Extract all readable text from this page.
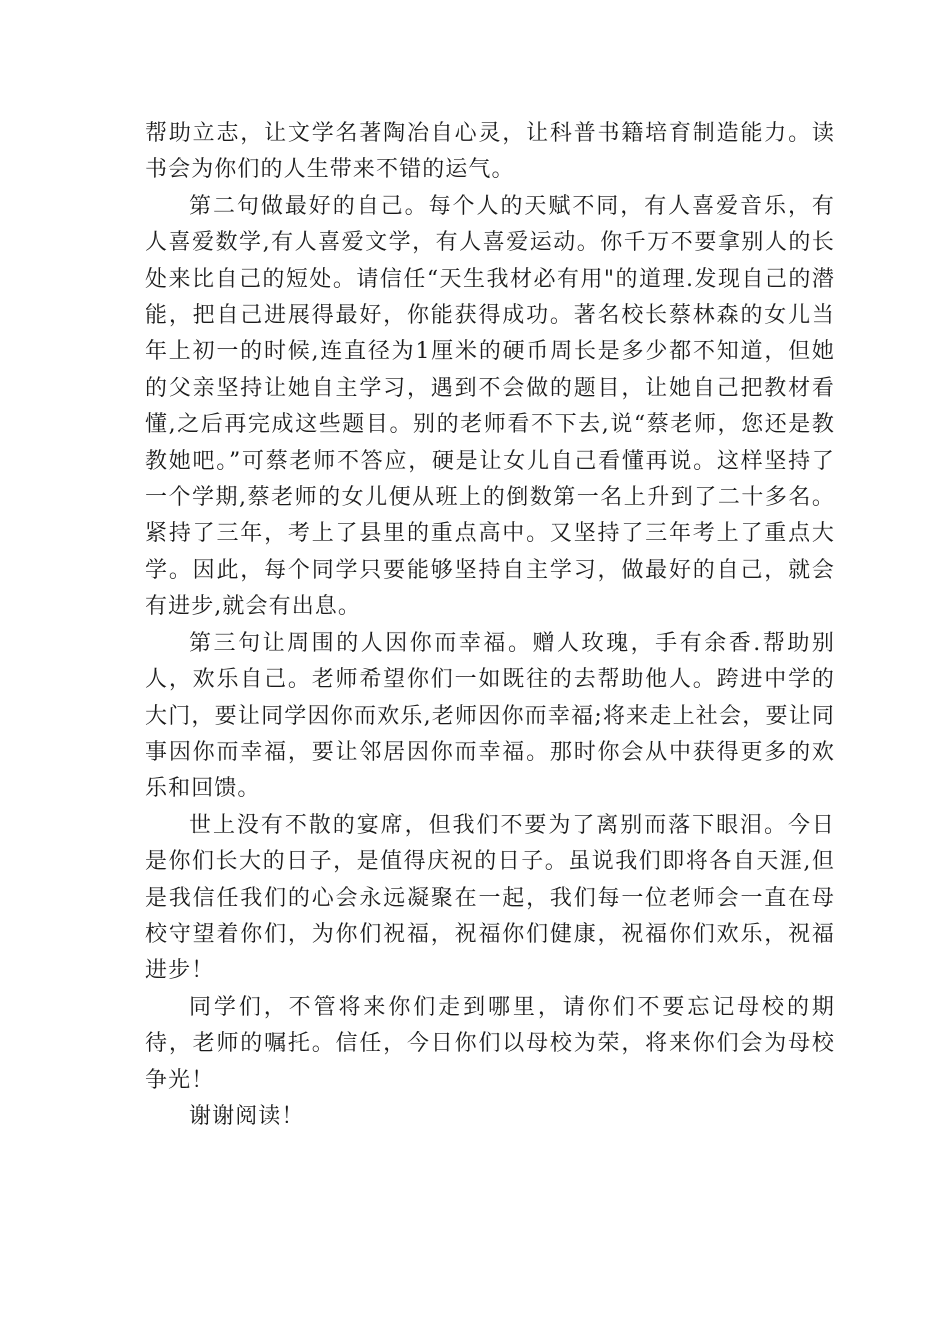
帮助立志，让文学名著陶冶自心灵，让科普书籍培育制造能力。读书会为你们的人生带来不错的运气。

第二句做最好的自己。每个人的天赋不同，有人喜爱音乐，有人喜爱数学,有人喜爱文学，有人喜爱运动。你千万不要拿别人的长处来比自己的短处。请信任“天生我材必有用"的道理.发现自己的潜能，把自己进展得最好，你能获得成功。著名校长蔡林森的女儿当年上初一的时候,连直径为1厘米的硬币周长是多少都不知道，但她的父亲坚持让她自主学习，遇到不会做的题目，让她自己把教材看懂,之后再完成这些题目。别的老师看不下去,说“蔡老师，您还是教教她吧。”可蔡老师不答应，硬是让女儿自己看懂再说。这样坚持了一个学期,蔡老师的女儿便从班上的倒数第一名上升到了二十多名。紧持了三年，考上了县里的重点高中。又坚持了三年考上了重点大学。因此，每个同学只要能够坚持自主学习，做最好的自己，就会有进步,就会有出息。

第三句让周围的人因你而幸福。赠人玫瑰，手有余香.帮助别人，欢乐自己。老师希望你们一如既往的去帮助他人。跨进中学的大门，要让同学因你而欢乐,老师因你而幸福;将来走上社会，要让同事因你而幸福，要让邻居因你而幸福。那时你会从中获得更多的欢乐和回馈。

世上没有不散的宴席，但我们不要为了离别而落下眼泪。今日是你们长大的日子，是值得庆祝的日子。虽说我们即将各自天涯,但是我信任我们的心会永远凝聚在一起，我们每一位老师会一直在母校守望着你们，为你们祝福，祝福你们健康，祝福你们欢乐，祝福进步！

同学们，不管将来你们走到哪里，请你们不要忘记母校的期待，老师的嘱托。信任，今日你们以母校为荣，将来你们会为母校争光！

谢谢阅读！
